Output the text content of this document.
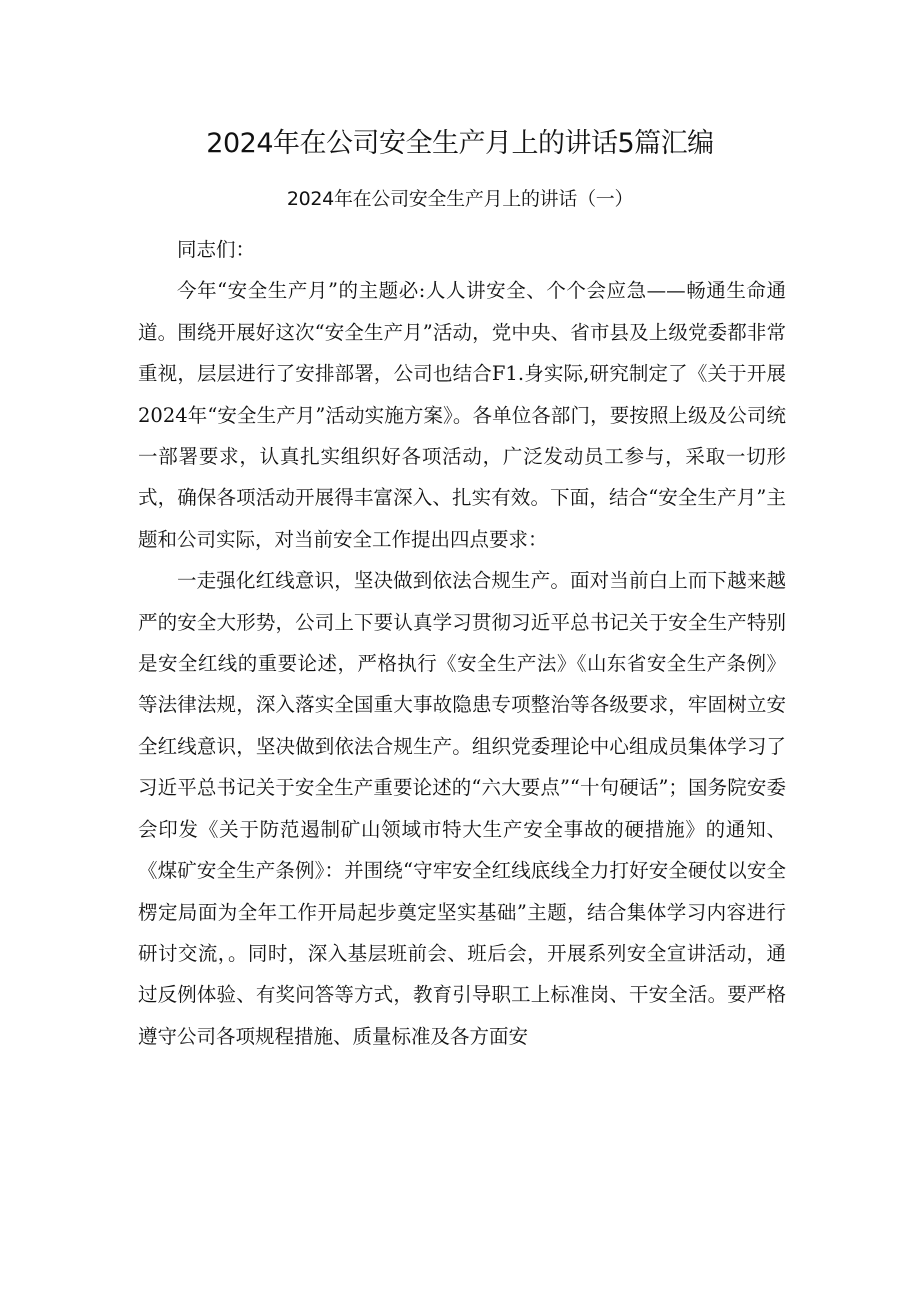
2024年在公司安全生产月上的讲话5篇汇编
2024年在公司安全生产月上的讲话（一）

同志们：

今年“安全生产月”的主题必:人人讲安全、个个会应急——畅通生命通道。围绕开展好这次“安全生产月”活动，党中央、省市县及上级党委都非常重视，层层进行了安排部署，公司也结合F1.身实际,研究制定了《关于开展2024年“安全生产月”活动实施方案》。各单位各部门，要按照上级及公司统一部署要求，认真扎实组织好各项活动，广泛发动员工参与，采取一切形式，确保各项活动开展得丰富深入、扎实有效。下面，结合“安全生产月”主题和公司实际，对当前安全工作提出四点要求：

一走强化红线意识，坚决做到依法合规生产。面对当前白上而下越来越严的安全大形势，公司上下要认真学习贯彻习近平总书记关于安全生产特别是安全红线的重要论述，严格执行《安全生产法》《山东省安全生产条例》等法律法规，深入落实全国重大事故隐患专项整治等各级要求，牢固树立安全红线意识，坚决做到依法合规生产。组织党委理论中心组成员集体学习了习近平总书记关于安全生产重要论述的“六大要点”“十句硬话”；国务院安委会印发《关于防范遏制矿山领域市特大生产安全事故的硬措施》的通知、《煤矿安全生产条例》：并围绕“守牢安全红线底线全力打好安全硬仗以安全楞定局面为全年工作开局起步奠定坚实基础”主题，结合集体学习内容进行研讨交流，。同时，深入基层班前会、班后会，开展系列安全宣讲活动，通过反例体验、有奖问答等方式，教育引导职工上标准岗、干安全活。要严格遵守公司各项规程措施、质量标准及各方面安
